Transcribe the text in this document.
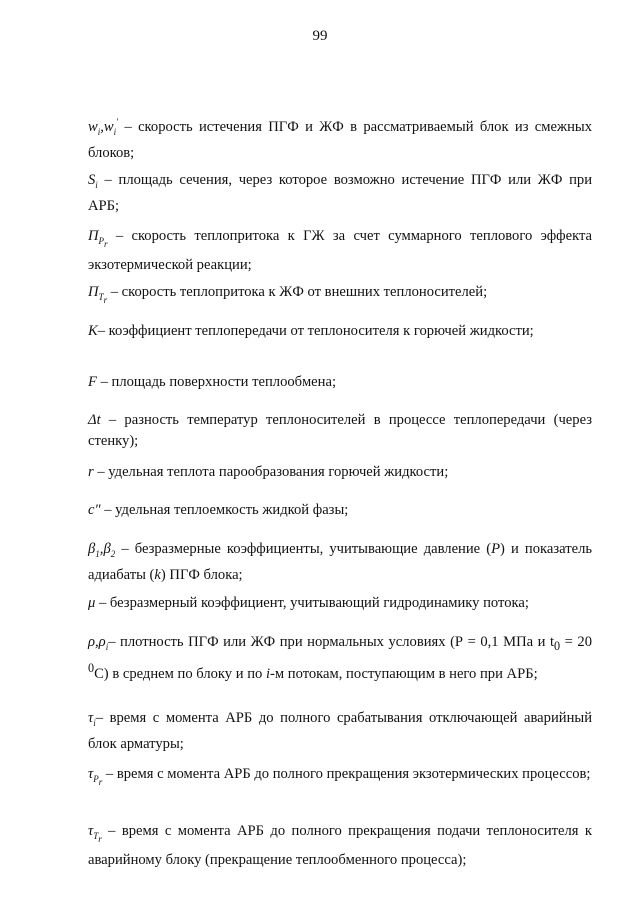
99

$w_i,w_i'$ – скорость истечения ПГФ и ЖФ в рассматриваемый блок из смежных блоков;

$S_i$ – площадь сечения, через которое возможно истечение ПГФ или ЖФ при АРБ;

$П_{P_r}$ – скорость теплопритока к ГЖ за счет суммарного теплового эффекта экзотермической реакции;

$П_{T_r}$ – скорость теплопритока к ЖФ от внешних теплоносителей;

K– коэффициент теплопередачи от теплоносителя к горючей жидкости;

F – площадь поверхности теплообмена;

Δt – разность температур теплоносителей в процессе теплопередачи (через стенку);

r – удельная теплота парообразования горючей жидкости;

c″ – удельная теплоемкость жидкой фазы;

$\beta_1,\beta_2$ – безразмерные коэффициенты, учитывающие давление (P) и показатель адиабаты (k) ПГФ блока;

μ – безразмерный коэффициент, учитывающий гидродинамику потока;

$\rho,\rho_i-$ плотность ПГФ или ЖФ при нормальных условиях (Р = 0,1 МПа и $t_0 = 20$ $^0$С) в среднем по блоку и по i-м потокам, поступающим в него при АРБ;

$\tau_i-$ время с момента АРБ до полного срабатывания отключающей аварийный блок арматуры;

$\tau_{P_r}$ – время с момента АРБ до полного прекращения экзотермических процессов;

$\tau_{T_r}$ – время с момента АРБ до полного прекращения подачи теплоносителя к аварийному блоку (прекращение теплообменного процесса);
